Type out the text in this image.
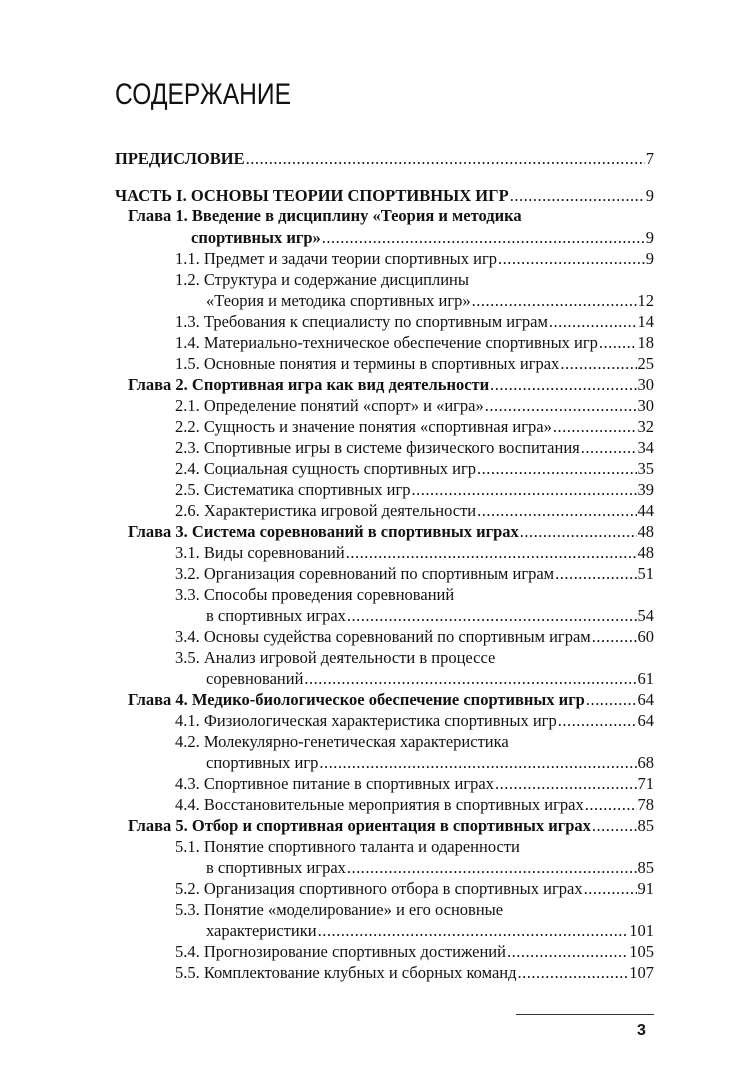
СОДЕРЖАНИЕ
ПРЕДИСЛОВИЕ .....	7
ЧАСТЬ I. ОСНОВЫ ТЕОРИИ СПОРТИВНЫХ ИГР .....	9
Глава 1. Введение в дисциплину «Теория и методика
спортивных игр» .....	9
1.1. Предмет и задачи теории спортивных игр .....	9
1.2. Структура и содержание дисциплины
«Теория и методика спортивных игр» .....	12
1.3. Требования к специалисту по спортивным играм .....	14
1.4. Материально-техническое обеспечение спортивных игр ..... 18
1.5. Основные понятия и термины в спортивных играх .....	25
Глава 2. Спортивная игра как вид деятельности .....	30
2.1. Определение понятий «спорт» и «игра» .....	30
2.2. Сущность и значение понятия «спортивная игра» .....	32
2.3. Спортивные игры в системе физического воспитания .....	34
2.4. Социальная сущность спортивных игр .....	35
2.5. Систематика спортивных игр .....	39
2.6. Характеристика игровой деятельности .....	44
Глава 3. Система соревнований в спортивных играх .....	48
3.1. Виды соревнований .....	48
3.2. Организация соревнований по спортивным играм .....	51
3.3. Способы проведения соревнований
в спортивных играх .....	54
3.4. Основы судейства соревнований по спортивным играм .....	60
3.5. Анализ игровой деятельности в процессе
соревнований .....	61
Глава 4. Медико-биологическое обеспечение спортивных игр .....	64
4.1. Физиологическая характеристика спортивных игр .....	64
4.2. Молекулярно-генетическая характеристика
спортивных игр .....	68
4.3. Спортивное питание в спортивных играх .....	71
4.4. Восстановительные мероприятия в спортивных играх .....	78
Глава 5. Отбор и спортивная ориентация в спортивных играх .....	85
5.1. Понятие спортивного таланта и одаренности
в спортивных играх .....	85
5.2. Организация спортивного отбора в спортивных играх .....	91
5.3. Понятие «моделирование» и его основные
характеристики .....	101
5.4. Прогнозирование спортивных достижений .....	105
5.5. Комплектование клубных и сборных команд .....	107
3
